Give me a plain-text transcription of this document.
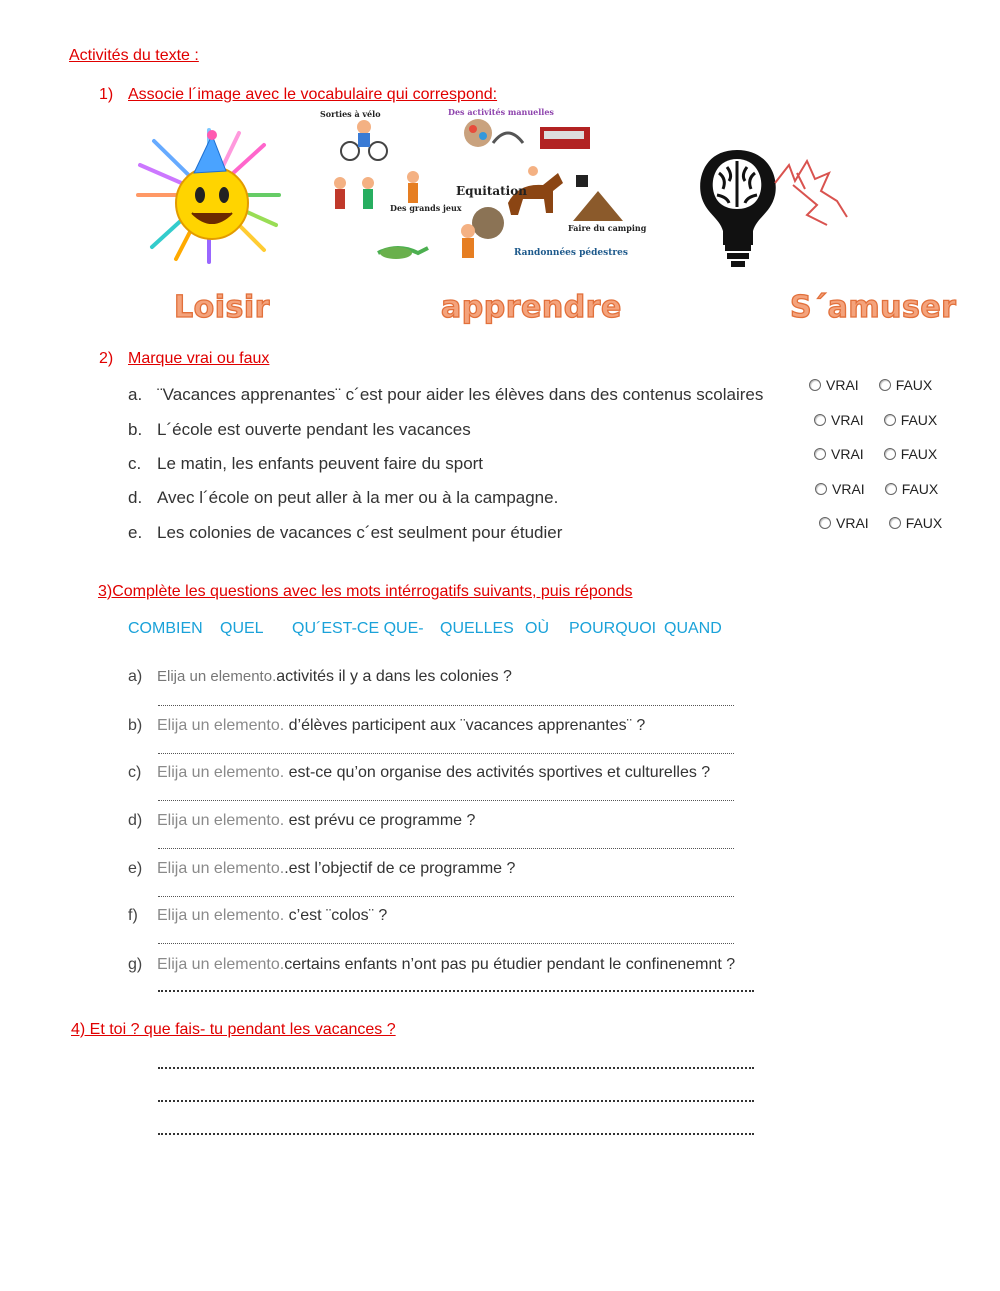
Activités du texte :
1) Associe l´image avec le vocabulaire qui correspond:
Sorties à vélo	Des activités manuelles
Equitation
Faire du camping
Des grands jeux
Randonnées pédestres
Loisir	apprendre	S´amuser
2) Marque vrai ou faux
a. ¨Vacances apprenantes¨ c´est pour aider les élèves dans des contenus scolaires
b. L´école est ouverte pendant les vacances
c. Le matin, les enfants peuvent faire du sport
d. Avec l´école on peut aller à la mer ou à la campagne.
e. Les colonies de vacances c´est seulment pour étudier
VRAI	FAUX
VRAI	FAUX
VRAI	FAUX
VRAI	FAUX
VRAI	FAUX
3)Complète les questions avec les mots intérrogatifs suivants, puis réponds
COMBIEN QUEL QU´EST-CE QUE- QUELLES OÙ POURQUOI QUAND
a) Elija un elemento.activités il y a dans les colonies ?
b) Elija un elemento. d’élèves participent aux ¨vacances apprenantes¨ ?
c) Elija un elemento. est-ce qu’on organise des activités sportives et culturelles ?
d) Elija un elemento. est prévu ce programme ?
e) Elija un elemento..est l’objectif de ce programme ?
f) Elija un elemento. c’est ¨colos¨ ?
g) Elija un elemento.certains enfants n’ont pas pu étudier pendant le confinenemnt ?
4) Et toi ? que fais- tu pendant les vacances ?
